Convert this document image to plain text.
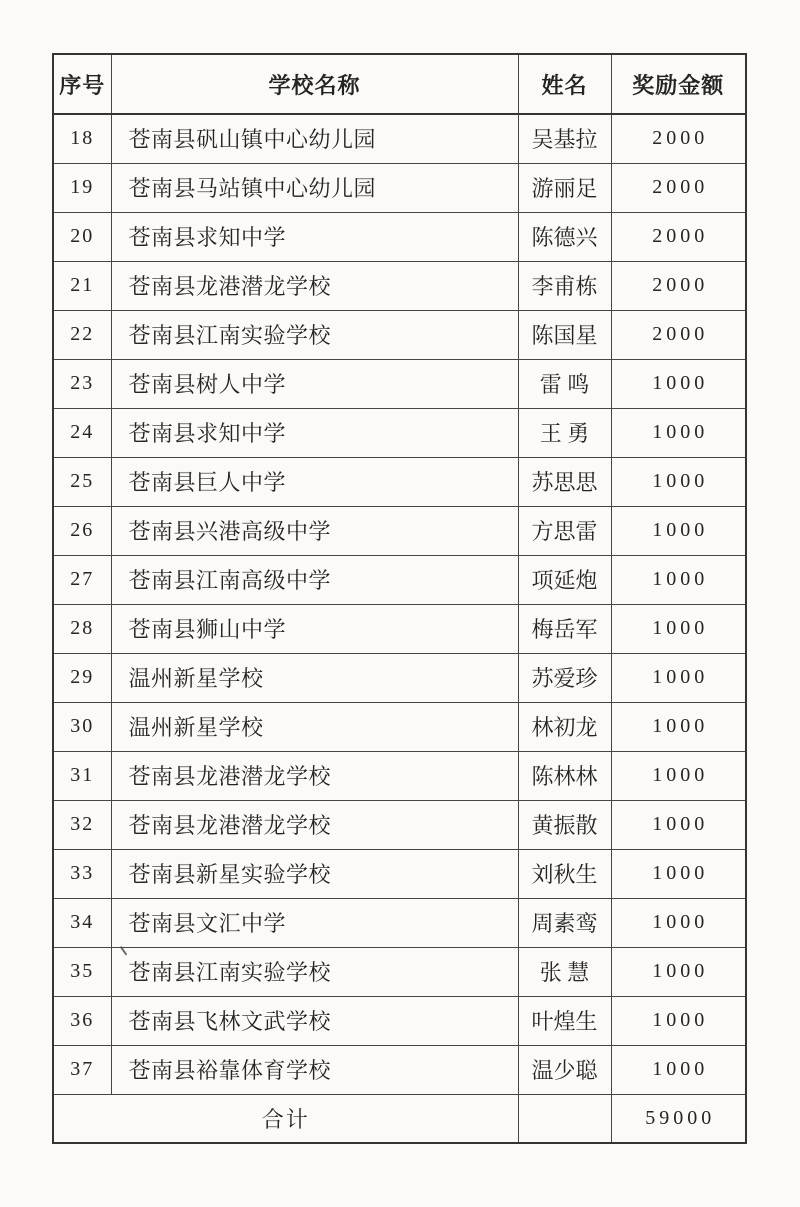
序号	学校名称	姓名	奖励金额
18	苍南县矾山镇中心幼儿园	吴基拉	2000
19	苍南县马站镇中心幼儿园	游丽足	2000
20	苍南县求知中学	陈德兴	2000
21	苍南县龙港潜龙学校	李甫栋	2000
22	苍南县江南实验学校	陈国星	2000
23	苍南县树人中学	雷 鸣	1000
24	苍南县求知中学	王 勇	1000
25	苍南县巨人中学	苏思思	1000
26	苍南县兴港高级中学	方思雷	1000
27	苍南县江南高级中学	项延炮	1000
28	苍南县狮山中学	梅岳军	1000
29	温州新星学校	苏爱珍	1000
30	温州新星学校	林初龙	1000
31	苍南县龙港潜龙学校	陈林林	1000
32	苍南县龙港潜龙学校	黄振散	1000
33	苍南县新星实验学校	刘秋生	1000
34	苍南县文汇中学	周素鸾	1000
35	苍南县江南实验学校	张 慧	1000
36	苍南县飞林文武学校	叶煌生	1000
37	苍南县裕靠体育学校	温少聪	1000
合计			59000
